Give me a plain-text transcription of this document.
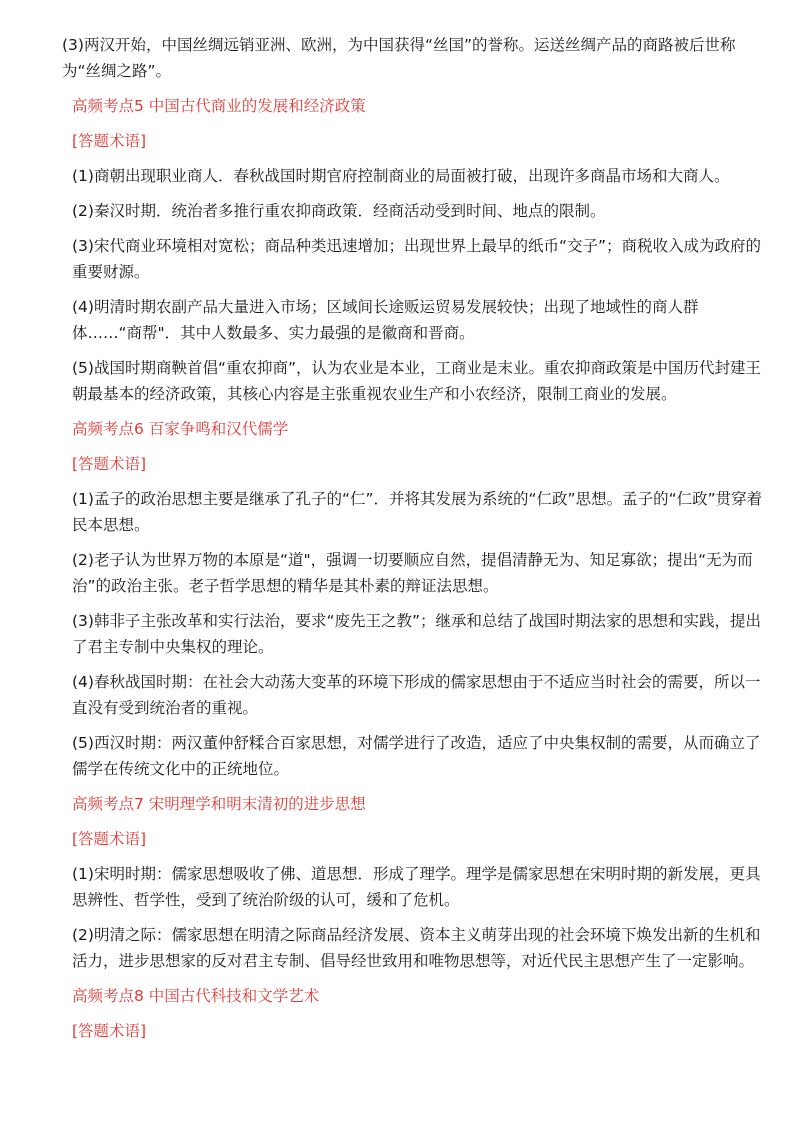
(3)两汉开始，中国丝绸远销亚洲、欧洲，为中国获得“丝国”的誉称。运送丝绸产品的商路被后世称为“丝绸之路”。

高频考点5 中国古代商业的发展和经济政策

[答题术语]

(1)商朝出现职业商人．春秋战国时期官府控制商业的局面被打破，出现许多商晶市场和大商人。

(2)秦汉时期．统治者多推行重农抑商政策．经商活动受到时间、地点的限制。

(3)宋代商业环境相对宽松；商品种类迅速增加；出现世界上最早的纸币“交子”；商税收入成为政府的重要财源。

(4)明清时期农副产品大量进入市场；区域间长途贩运贸易发展较快；出现了地域性的商人群体……“商帮"．其中人数最多、实力最强的是徽商和晋商。

(5)战国时期商鞅首倡“重农抑商”，认为农业是本业，工商业是末业。重农抑商政策是中国历代封建王朝最基本的经济政策，其核心内容是主张重视农业生产和小农经济，限制工商业的发展。

高频考点6 百家争鸣和汉代儒学

[答题术语]

(1)孟子的政治思想主要是继承了孔子的“仁”．并将其发展为系统的“仁政”思想。孟子的“仁政”贯穿着民本思想。

(2)老子认为世界万物的本原是“道"，强调一切要顺应自然，提倡清静无为、知足寡欲；提出“无为而治”的政治主张。老子哲学思想的精华是其朴素的辩证法思想。

(3)韩非子主张改革和实行法治，要求“废先王之教”；继承和总结了战国时期法家的思想和实践，提出了君主专制中央集权的理论。

(4)春秋战国时期：在社会大动荡大变革的环境下形成的儒家思想由于不适应当时社会的需要，所以一直没有受到统治者的重视。

(5)西汉时期：两汉董仲舒糅合百家思想，对儒学进行了改造，适应了中央集权制的需要，从而确立了儒学在传统文化中的正统地位。

高频考点7 宋明理学和明末清初的进步思想

[答题术语]

(1)宋明时期：儒家思想吸收了佛、道思想．形成了理学。理学是儒家思想在宋明时期的新发展，更具思辨性、哲学性，受到了统治阶级的认可，缓和了危机。

(2)明清之际：儒家思想在明清之际商品经济发展、资本主义萌芽出现的社会环境下焕发出新的生机和活力，进步思想家的反对君主专制、倡导经世致用和唯物思想等，对近代民主思想产生了一定影响。

高频考点8 中国古代科技和文学艺术

[答题术语]
